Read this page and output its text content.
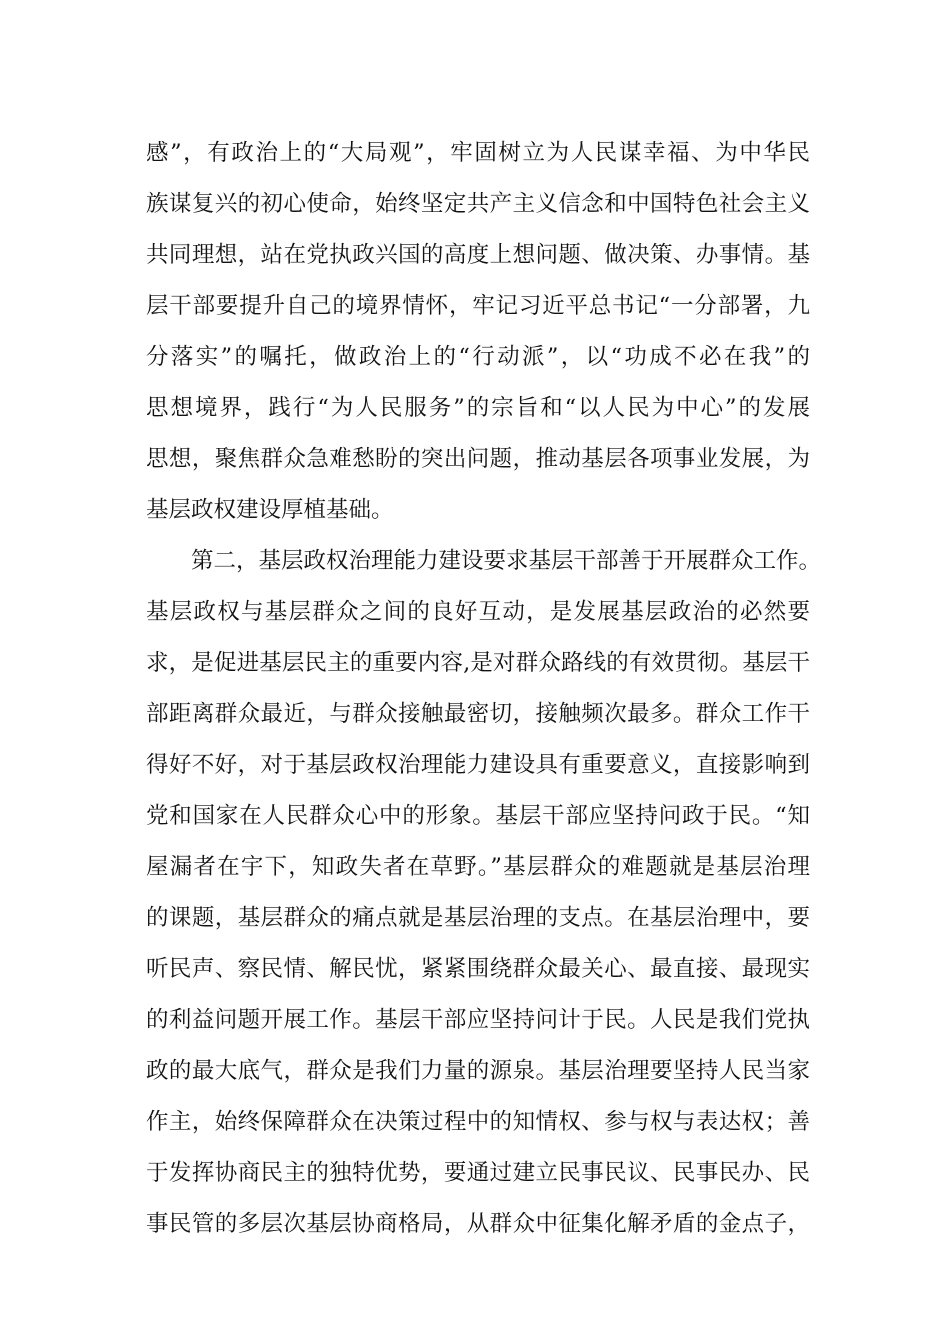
感”，有政治上的“大局观”，牢固树立为人民谋幸福、为中华民
族谋复兴的初心使命，始终坚定共产主义信念和中国特色社会主义
共同理想，站在党执政兴国的高度上想问题、做决策、办事情。基
层干部要提升自己的境界情怀，牢记习近平总书记“一分部署，九
分落实”的嘱托，做政治上的“行动派”，以“功成不必在我”的
思想境界，践行“为人民服务”的宗旨和“以人民为中心”的发展
思想，聚焦群众急难愁盼的突出问题，推动基层各项事业发展，为
基层政权建设厚植基础。
　　第二，基层政权治理能力建设要求基层干部善于开展群众工作。
基层政权与基层群众之间的良好互动，是发展基层政治的必然要
求，是促进基层民主的重要内容,是对群众路线的有效贯彻。基层干
部距离群众最近，与群众接触最密切，接触频次最多。群众工作干
得好不好，对于基层政权治理能力建设具有重要意义，直接影响到
党和国家在人民群众心中的形象。基层干部应坚持问政于民。“知
屋漏者在宇下，知政失者在草野。”基层群众的难题就是基层治理
的课题，基层群众的痛点就是基层治理的支点。在基层治理中，要
听民声、察民情、解民忧，紧紧围绕群众最关心、最直接、最现实
的利益问题开展工作。基层干部应坚持问计于民。人民是我们党执
政的最大底气，群众是我们力量的源泉。基层治理要坚持人民当家
作主，始终保障群众在决策过程中的知情权、参与权与表达权；善
于发挥协商民主的独特优势，要通过建立民事民议、民事民办、民
事民管的多层次基层协商格局，从群众中征集化解矛盾的金点子，
